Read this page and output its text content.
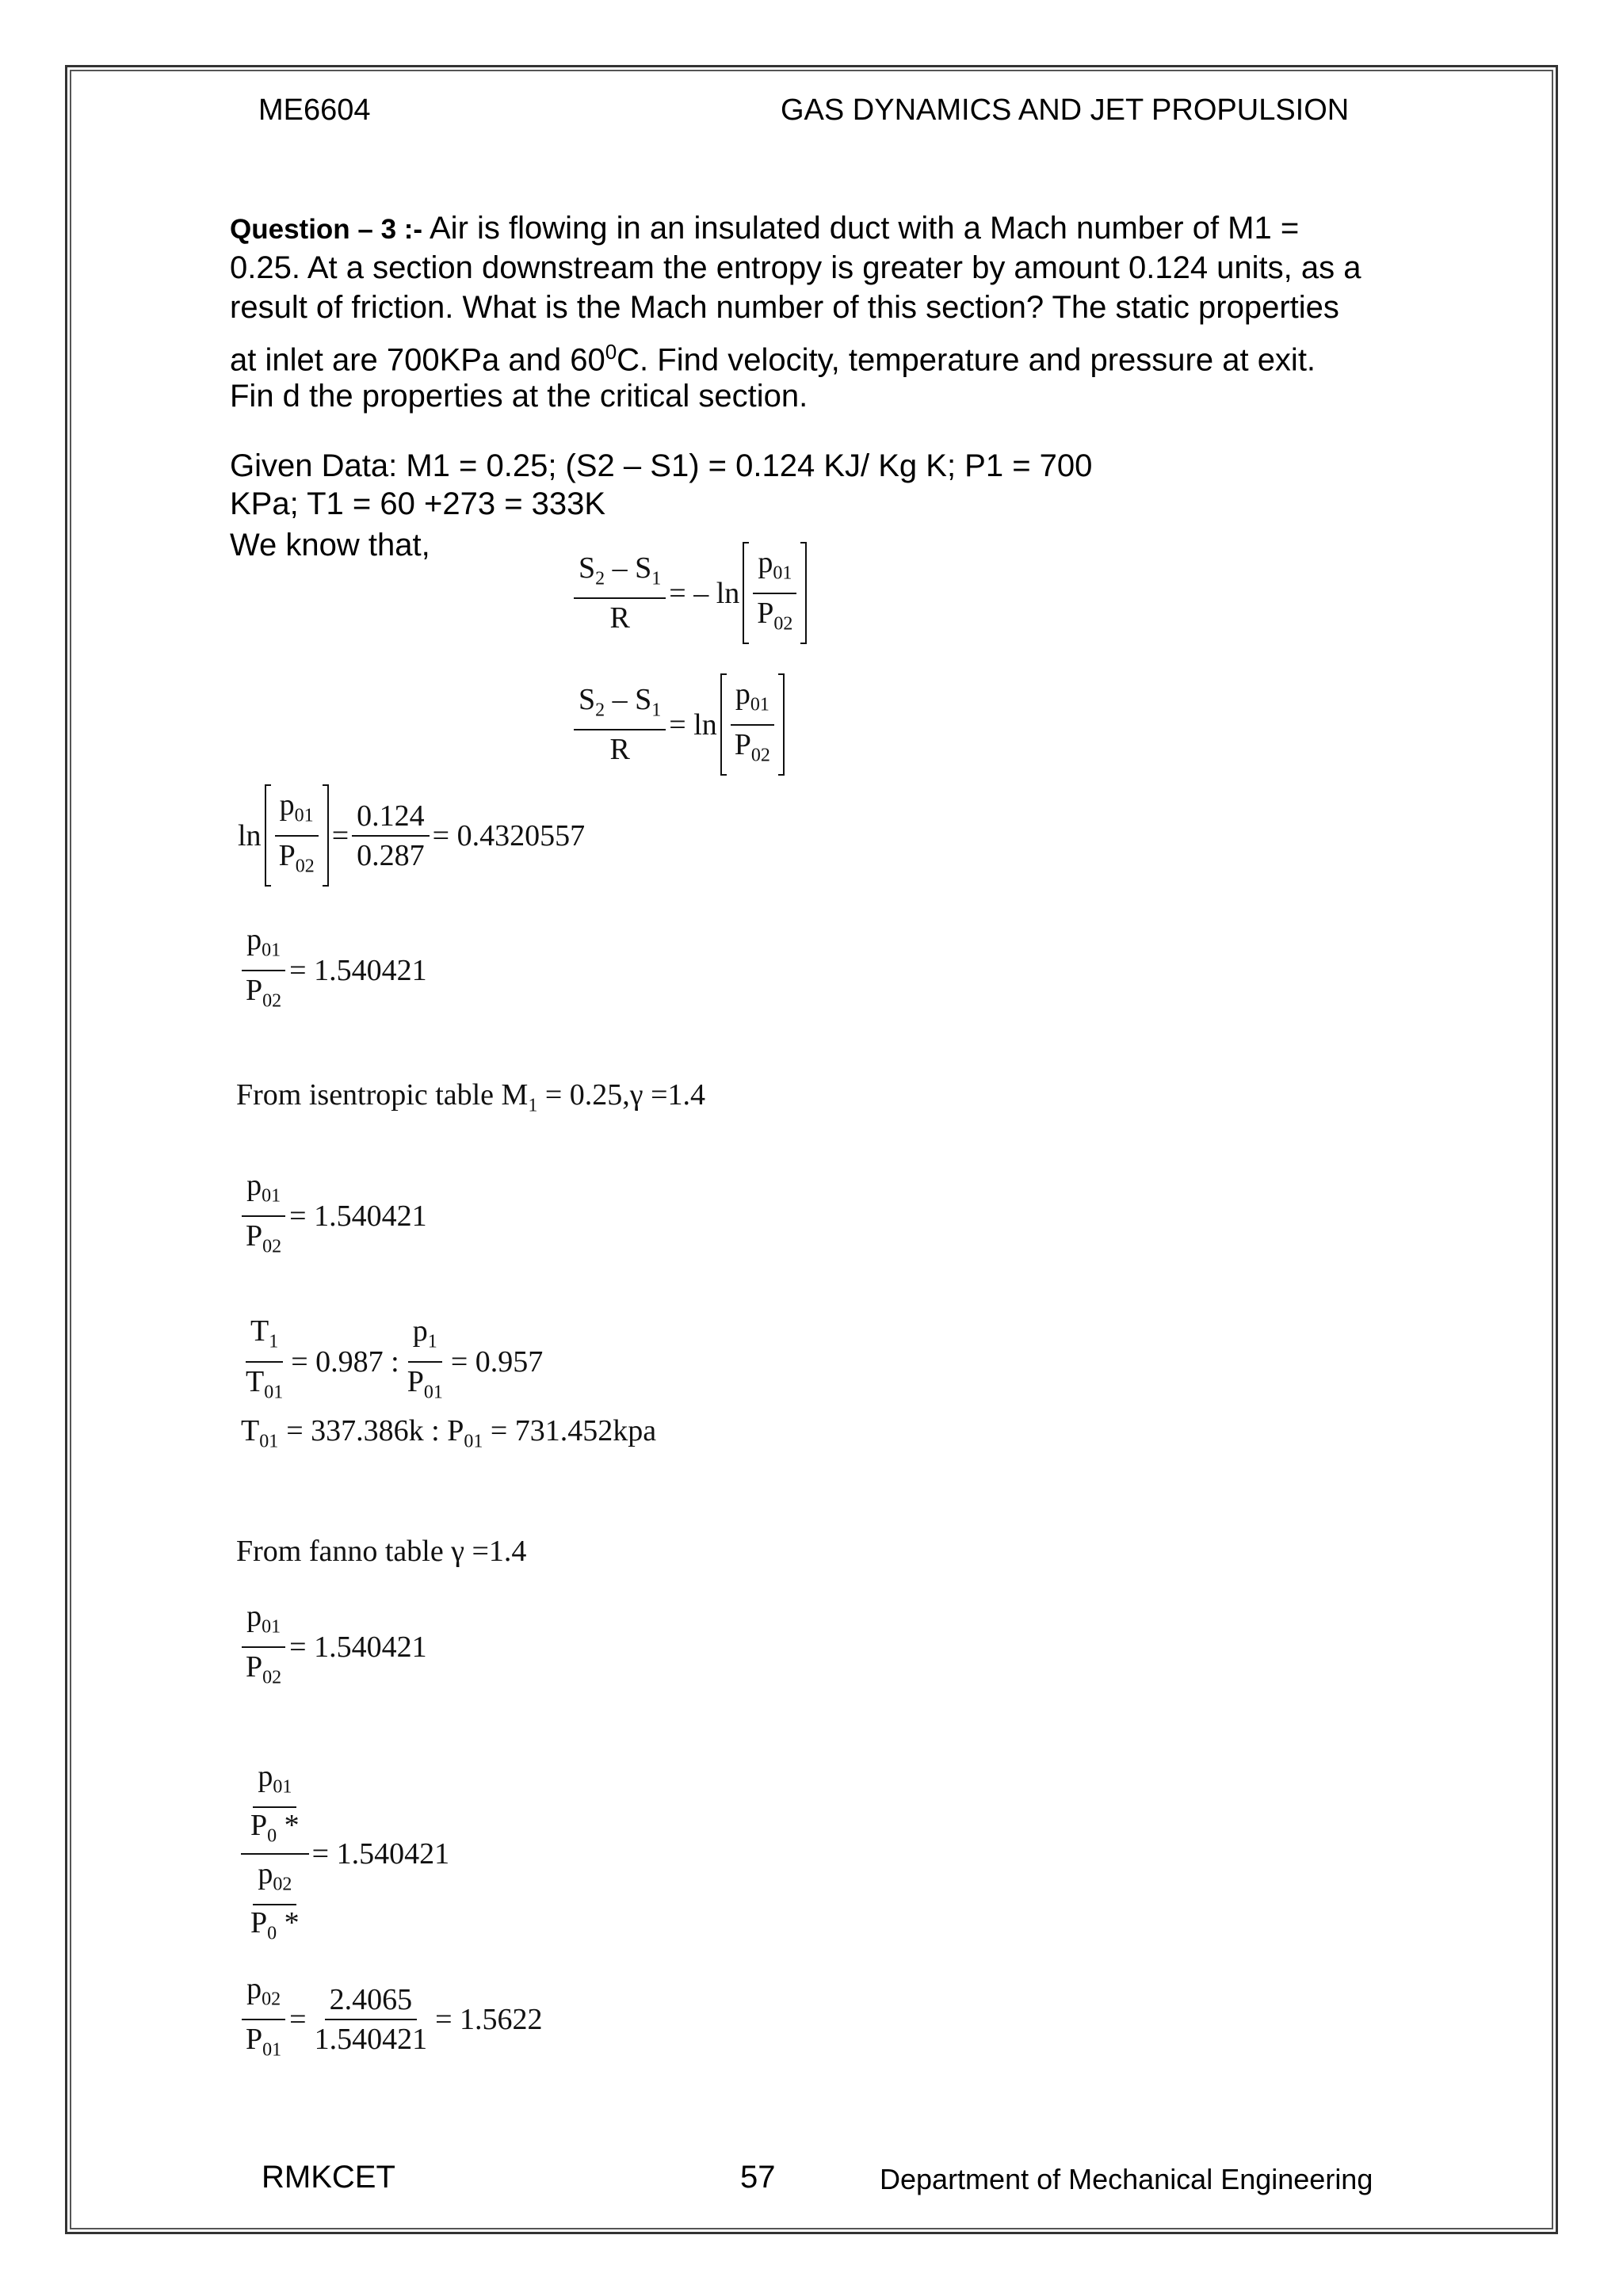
ME6604	GAS DYNAMICS AND JET PROPULSION
Question – 3 :- Air is flowing in an insulated duct with a Mach number of M1 =
0.25. At a section downstream the entropy is greater by amount 0.124 units, as a
result of friction. What is the Mach number of this section? The static properties
at inlet are 700KPa and $60^0C$. Find velocity, temperature and pressure at exit.
Fin d the properties at the critical section.
Given Data: M1 = 0.25; (S2 – S1) = 0.124 KJ/ Kg K; P1 = 700
KPa; T1 = 60 +273 = 333K
We know that,
$\frac{S_2 - S_1}{R}$ = – $\ln \frac{p_{01}}{P_{02}}$
$\frac{S_2 - S_1}{R} = \ln \frac{p_{01}}{P_{02}}$
$\ln \frac{p_{01}}{P_{02}} = \frac{0.124}{0.287} = 0.4320557$
$\frac{p_{01}}{P_{02}} = 1.540421$
From isentropic table $M_1 = 0.25,\gamma =1.4$
$\frac{p_{01}}{P_{02}} = 1.540421$
$\frac{T_1}{T_{01}} = 0.987$ : $\frac{p_1}{P_{01}} = 0.957$
$T_{01} = 337.386k$ : $P_{01} = 731.452kpa$
From fanno table γ =1.4
$\frac{p_{01}}{P_{02}} = 1.540421$
$\frac{\frac{p_{01}}{P_0 *}}{\frac{p_{02}}{P_0 *}} = 1.540421$
$\frac{p_{02}}{P_{01}} = \frac{2.4065}{1.540421} = 1.5622$
RMKCET	57	Department of Mechanical Engineering
